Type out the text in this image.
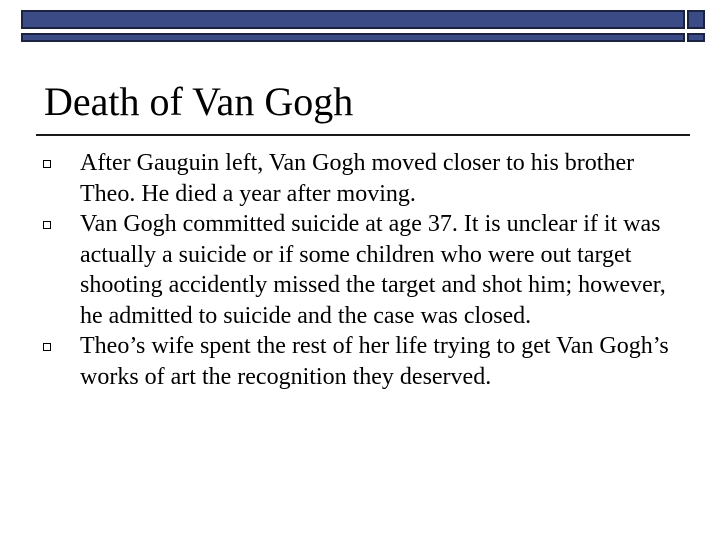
Death of Van Gogh
After Gauguin left, Van Gogh moved closer to his brother Theo. He died a year after moving.
Van Gogh committed suicide at age 37. It is unclear if it was actually a suicide or if some children who were out target shooting accidently missed the target and shot him; however, he admitted to suicide and the case was closed.
Theo’s wife spent the rest of her life trying to get Van Gogh’s works of art the recognition they deserved.
